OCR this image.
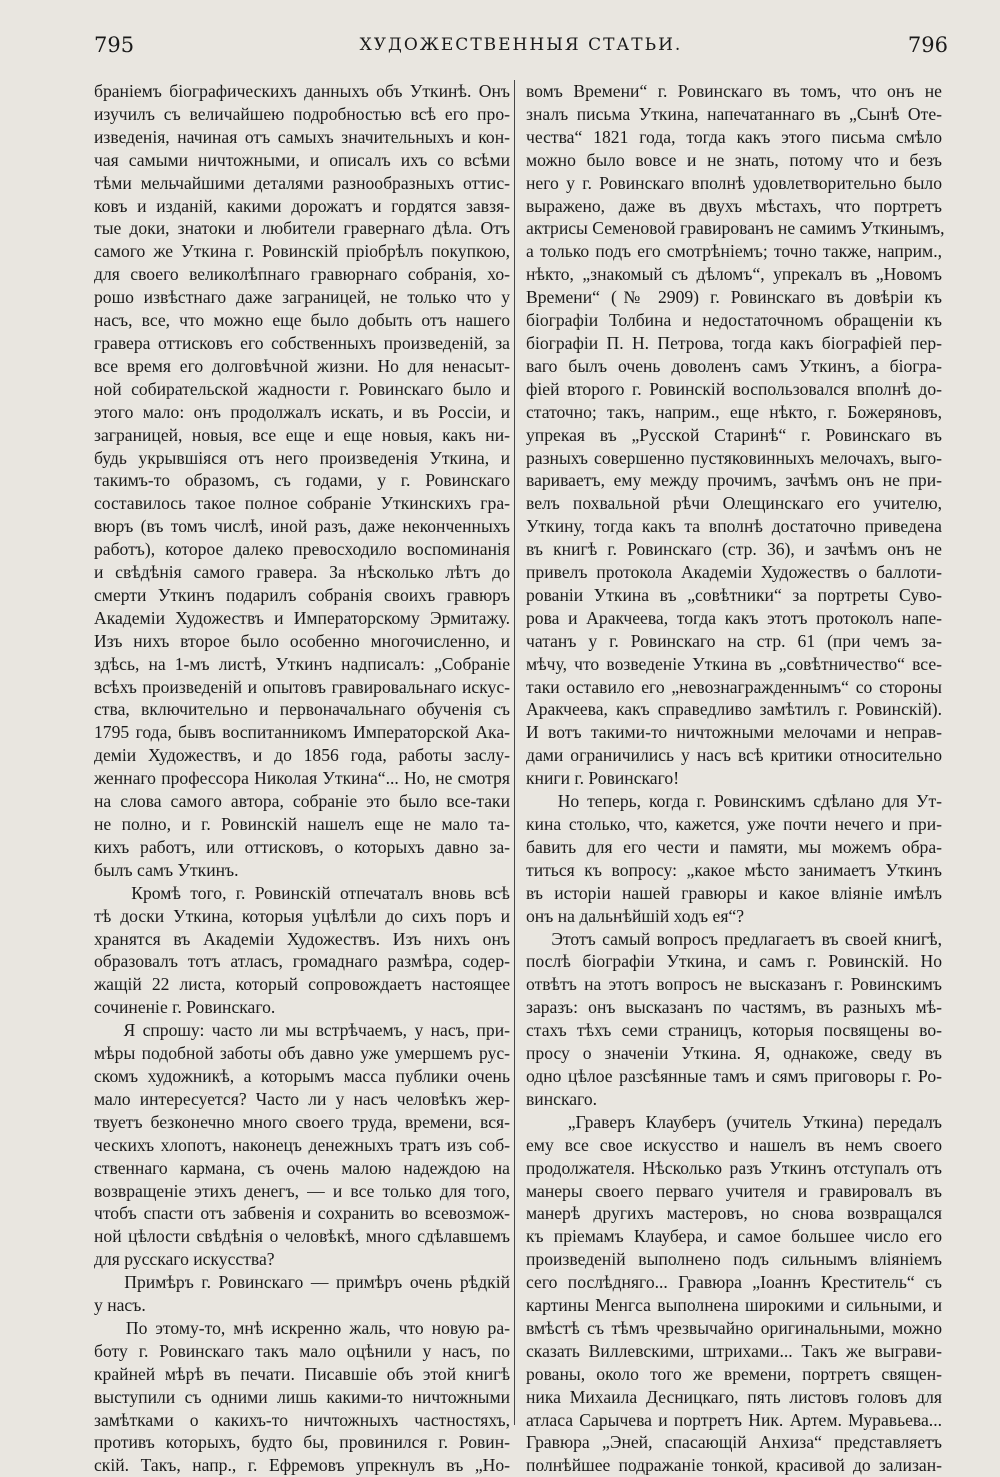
795	ХУДОЖЕСТВЕННЫЯ СТАТЬИ.	796
браніемъ біографическихъ данныхъ объ Уткинѣ. Онъ
изучилъ съ величайшею подробностью всѣ его про-
изведенія, начиная отъ самыхъ значительныхъ и кон-
чая самыми ничтожными, и описалъ ихъ со всѣми
тѣми мельчайшими деталями разнообразныхъ оттис-
ковъ и изданій, какими дорожатъ и гордятся завзя-
тые доки, знатоки и любители гравернаго дѣла. Отъ
самого же Уткина г. Ровинскій пріобрѣлъ покупкою,
для своего великолѣпнаго гравюрнаго собранія, хо-
рошо извѣстнаго даже заграницей, не только что у
насъ, все, что можно еще было добыть отъ нашего
гравера оттисковъ его собственныхъ произведеній, за
все время его долговѣчной жизни. Но для ненасыт-
ной собирательской жадности г. Ровинскаго было и
этого мало: онъ продолжалъ искать, и въ Россіи, и
заграницей, новыя, все еще и еще новыя, какъ ни-
будь укрывшіяся отъ него произведенія Уткина, и
такимъ-то образомъ, съ годами, у г. Ровинскаго
составилось такое полное собраніе Уткинскихъ гра-
вюръ (въ томъ числѣ, иной разъ, даже неконченныхъ
работъ), которое далеко превосходило воспоминанія
и свѣдѣнія самого гравера. За нѣсколько лѣтъ до
смерти Уткинъ подарилъ собранія своихъ гравюръ
Академіи Художествъ и Императорскому Эрмитажу.
Изъ нихъ второе было особенно многочисленно, и
здѣсь, на 1-мъ листѣ, Уткинъ надписалъ: „Собраніе
всѣхъ произведеній и опытовъ гравировальнаго искус-
ства, включительно и первоначальнаго обученія съ
1795 года, бывъ воспитанникомъ Императорской Ака-
деміи Художествъ, и до 1856 года, работы заслу-
женнаго профессора Николая Уткина“... Но, не смотря
на слова самого автора, собраніе это было все-таки
не полно, и г. Ровинскій нашелъ еще не мало та-
кихъ работъ, или оттисковъ, о которыхъ давно за-
былъ самъ Уткинъ.
Кромѣ того, г. Ровинскій отпечаталъ вновь всѣ
тѣ доски Уткина, которыя уцѣлѣли до сихъ поръ и
хранятся въ Академіи Художествъ. Изъ нихъ онъ
образовалъ тотъ атласъ, громаднаго размѣра, содер-
жащій 22 листа, который сопровождаетъ настоящее
сочиненіе г. Ровинскаго.
Я спрошу: часто ли мы встрѣчаемъ, у насъ, при-
мѣры подобной заботы объ давно уже умершемъ рус-
скомъ художникѣ, а которымъ масса публики очень
мало интересуется? Часто ли у насъ человѣкъ жер-
твуетъ безконечно много своего труда, времени, вся-
ческихъ хлопотъ, наконецъ денежныхъ тратъ изъ соб-
ственнаго кармана, съ очень малою надеждою на
возвращеніе этихъ денегъ, — и все только для того,
чтобъ спасти отъ забвенія и сохранить во всевозмож-
ной цѣлости свѣдѣнія о человѣкѣ, много сдѣлавшемъ
для русскаго искусства?
Примѣръ г. Ровинскаго — примѣръ очень рѣдкій
у насъ.
По этому-то, мнѣ искренно жаль, что новую ра-
боту г. Ровинскаго такъ мало оцѣнили у насъ, по
крайней мѣрѣ въ печати. Писавшіе объ этой книгѣ
выступили съ одними лишь какими-то ничтожными
замѣтками о какихъ-то ничтожныхъ частностяхъ,
противъ которыхъ, будто бы, провинился г. Ровин-
скій. Такъ, напр., г. Ефремовъ упрекнулъ въ „Но-
вомъ Времени“ г. Ровинскаго въ томъ, что онъ не
зналъ письма Уткина, напечатаннаго въ „Сынѣ Оте-
чества“ 1821 года, тогда какъ этого письма смѣло
можно было вовсе и не знать, потому что и безъ
него у г. Ровинскаго вполнѣ удовлетворительно было
выражено, даже въ двухъ мѣстахъ, что портретъ
актрисы Семеновой гравированъ не самимъ Уткинымъ,
а только подъ его смотрѣніемъ; точно также, наприм.,
нѣкто, „знакомый съ дѣломъ“, упрекалъ въ „Новомъ
Времени“ (№ 2909) г. Ровинскаго въ довѣріи къ
біографіи Толбина и недостаточномъ обращеніи къ
біографіи П. Н. Петрова, тогда какъ біографіей пер-
ваго былъ очень доволенъ самъ Уткинъ, а біогра-
фіей второго г. Ровинскій воспользовался вполнѣ до-
статочно; такъ, наприм., еще нѣкто, г. Божеряновъ,
упрекая въ „Русской Старинѣ“ г. Ровинскаго въ
разныхъ совершенно пустяковинныхъ мелочахъ, выго-
вариваетъ, ему между прочимъ, зачѣмъ онъ не при-
велъ похвальной рѣчи Олещинскаго его учителю,
Уткину, тогда какъ та вполнѣ достаточно приведена
въ книгѣ г. Ровинскаго (стр. 36), и зачѣмъ онъ не
привелъ протокола Академіи Художествъ о баллоти-
рованіи Уткина въ „совѣтники“ за портреты Суво-
рова и Аракчеева, тогда какъ этотъ протоколъ напе-
чатанъ у г. Ровинскаго на стр. 61 (при чемъ за-
мѣчу, что возведеніе Уткина въ „совѣтничество“ все-
таки оставило его „невознагражденнымъ“ со стороны
Аракчеева, какъ справедливо замѣтилъ г. Ровинскій).
И вотъ такими-то ничтожными мелочами и неправ-
дами ограничились у насъ всѣ критики относительно
книги г. Ровинскаго!
Но теперь, когда г. Ровинскимъ сдѣлано для Ут-
кина столько, что, кажется, уже почти нечего и при-
бавить для его чести и памяти, мы можемъ обра-
титься къ вопросу: „какое мѣсто занимаетъ Уткинъ
въ исторіи нашей гравюры и какое вліяніе имѣлъ
онъ на дальнѣйшій ходъ ея“?
Этотъ самый вопросъ предлагаетъ въ своей книгѣ,
послѣ біографіи Уткина, и самъ г. Ровинскій. Но
отвѣтъ на этотъ вопросъ не высказанъ г. Ровинскимъ
заразъ: онъ высказанъ по частямъ, въ разныхъ мѣ-
стахъ тѣхъ семи страницъ, которыя посвящены во-
просу о значеніи Уткина. Я, однакоже, сведу въ
одно цѣлое разсѣянные тамъ и сямъ приговоры г. Ро-
винскаго.
„Граверъ Клауберъ (учитель Уткина) передалъ
ему все свое искусство и нашелъ въ немъ своего
продолжателя. Нѣсколько разъ Уткинъ отступалъ отъ
манеры своего перваго учителя и гравировалъ въ
манерѣ другихъ мастеровъ, но снова возвращался
къ пріемамъ Клаубера, и самое большее число его
произведеній выполнено подъ сильнымъ вліяніемъ
сего послѣдняго... Гравюра „Іоаннъ Креститель“ съ
картины Менгса выполнена широкими и сильными, и
вмѣстѣ съ тѣмъ чрезвычайно оригинальными, можно
сказать Виллевскими, штрихами... Такъ же выграви-
рованы, около того же времени, портретъ священ-
ника Михаила Десницкаго, пять листовъ головъ для
атласа Сарычева и портретъ Ник. Артем. Муравьева...
Гравюра „Эней, спасающій Анхиза“ представляетъ
полнѣйшее подражаніе тонкой, красивой до зализан-
